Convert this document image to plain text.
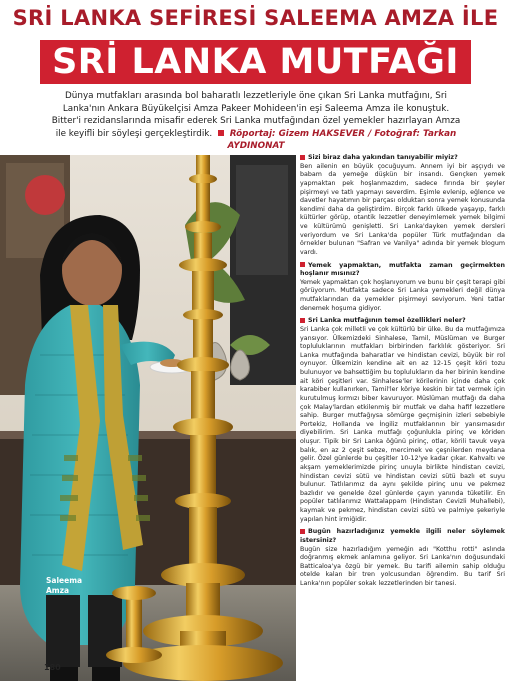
SRİ LANKA SEFİRESİ SALEEMA AMZA İLE
SRİ LANKA MUTFAĞI
Dünya mutfakları arasında bol baharatlı lezzetleriyle öne çıkan Sri Lanka mutfağını, Sri Lanka'nın Ankara Büyükelçisi Amza Pakeer Mohideen'in eşi Saleema Amza ile konuştuk. Bitter'i rezidanslarında misafir ederek Sri Lanka mutfağından özel yemekler hazırlayan Amza ile keyifli bir söyleşi gerçekleştirdik. Röportaj: Gizem HAKSEVER / Fotoğraf: Tarkan AYDINONAT
Saleema
Amza
180
Sizi biraz daha yakından tanıyabilir miyiz?

Ben ailenin en büyük çocuğuyum. Annem iyi bir aşçıydı ve babam da yemeğe düşkün bir insandı. Gençken yemek yapmaktan pek hoşlanmazdım, sadece fırında bir şeyler pişirmeyi ve tatlı yapmayı severdim. Eşimle evlenip, eğlence ve davetler hayatımın bir parçası olduktan sonra yemek konusunda kendimi daha da geliştirdim. Birçok farklı ülkede yaşayıp, farklı kültürler görüp, otantik lezzetler deneyimlemek yemek bilgimi ve kültürümü genişletti. Sri Lanka'dayken yemek dersleri veriyordum ve Sri Lanka'da popüler Türk mutfağından da örnekler bulunan "Safran ve Vanilya" adında bir yemek blogum vardı.

Yemek yapmaktan, mutfakta zaman geçirmekten hoşlanır mısınız?

Yemek yapmaktan çok hoşlanıyorum ve bunu bir çeşit terapi gibi görüyorum. Mutfakta sadece Sri Lanka yemekleri değil dünya mutfaklarından da yemekler pişirmeyi seviyorum. Yeni tatlar denemek hoşuma gidiyor.

Sri Lanka mutfağının temel özellikleri neler?

Sri Lanka çok milletli ve çok kültürlü bir ülke. Bu da mutfağımıza yansıyor. Ülkemizdeki Sinhalese, Tamil, Müslüman ve Burger topluluklarının mutfakları birbirinden farklılık gösteriyor. Sri Lanka mutfağında baharatlar ve hindistan cevizi, büyük bir rol oynuyor. Ülkemizin kendine ait en az 12-15 çeşit köri tozu bulunuyor ve bahsettiğim bu toplulukların da her birinin kendine ait köri çeşitleri var. Sinhalese'ler körilerinin içinde daha çok karabiber kullanırken, Tamil'ler köriye keskin bir tat vermek için kurutulmuş kırmızı biber kavuruyor. Müslüman mutfağı da daha çok Malay'lardan etkilenmiş bir mutfak ve daha hafif lezzetlere sahip. Burger mutfağıysa sömürge geçmişinin izleri sebebiyle Portekiz, Hollanda ve İngiliz mutfaklarının bir yansımasıdır diyebilirim. Sri Lanka mutfağı çoğunlukla pirinç ve köriden oluşur. Tipik bir Sri Lanka öğünü pirinç, otlar, körili tavuk veya balık, en az 2 çeşit sebze, mercimek ve çeşnilerden meydana gelir. Özel günlerde bu çeşitler 10-12'ye kadar çıkar. Kahvaltı ve akşam yemeklerimizde pirinç unuyla birlikte hindistan cevizi, hindistan cevizi sütü ve hindistan cevizi sütü bazlı et suyu bulunur. Tatlılarımız da aynı şekilde pirinç unu ve pekmez bazlıdır ve genelde özel günlerde çayın yanında tüketilir. En popüler tatlılarımız Wattalappam (Hindistan Cevizli Muhallebi), kaymak ve pekmez, hindistan cevizi sütü ve palmiye şekeriyle yapılan hint irmiğidir.

Bugün hazırladığınız yemekle ilgili neler söylemek istersiniz?

Bugün size hazırladığım yemeğin adı "Kotthu rotti" aslında doğranmış ekmek anlamına geliyor. Sri Lanka'nın doğusundaki Batticaloa'ya özgü bir yemek. Bu tarifi ailemin sahip olduğu otelde kalan bir tren yolcusundan öğrendim. Bu tarif Sri Lanka'nın popüler sokak lezzetlerinden bir tanesi.
